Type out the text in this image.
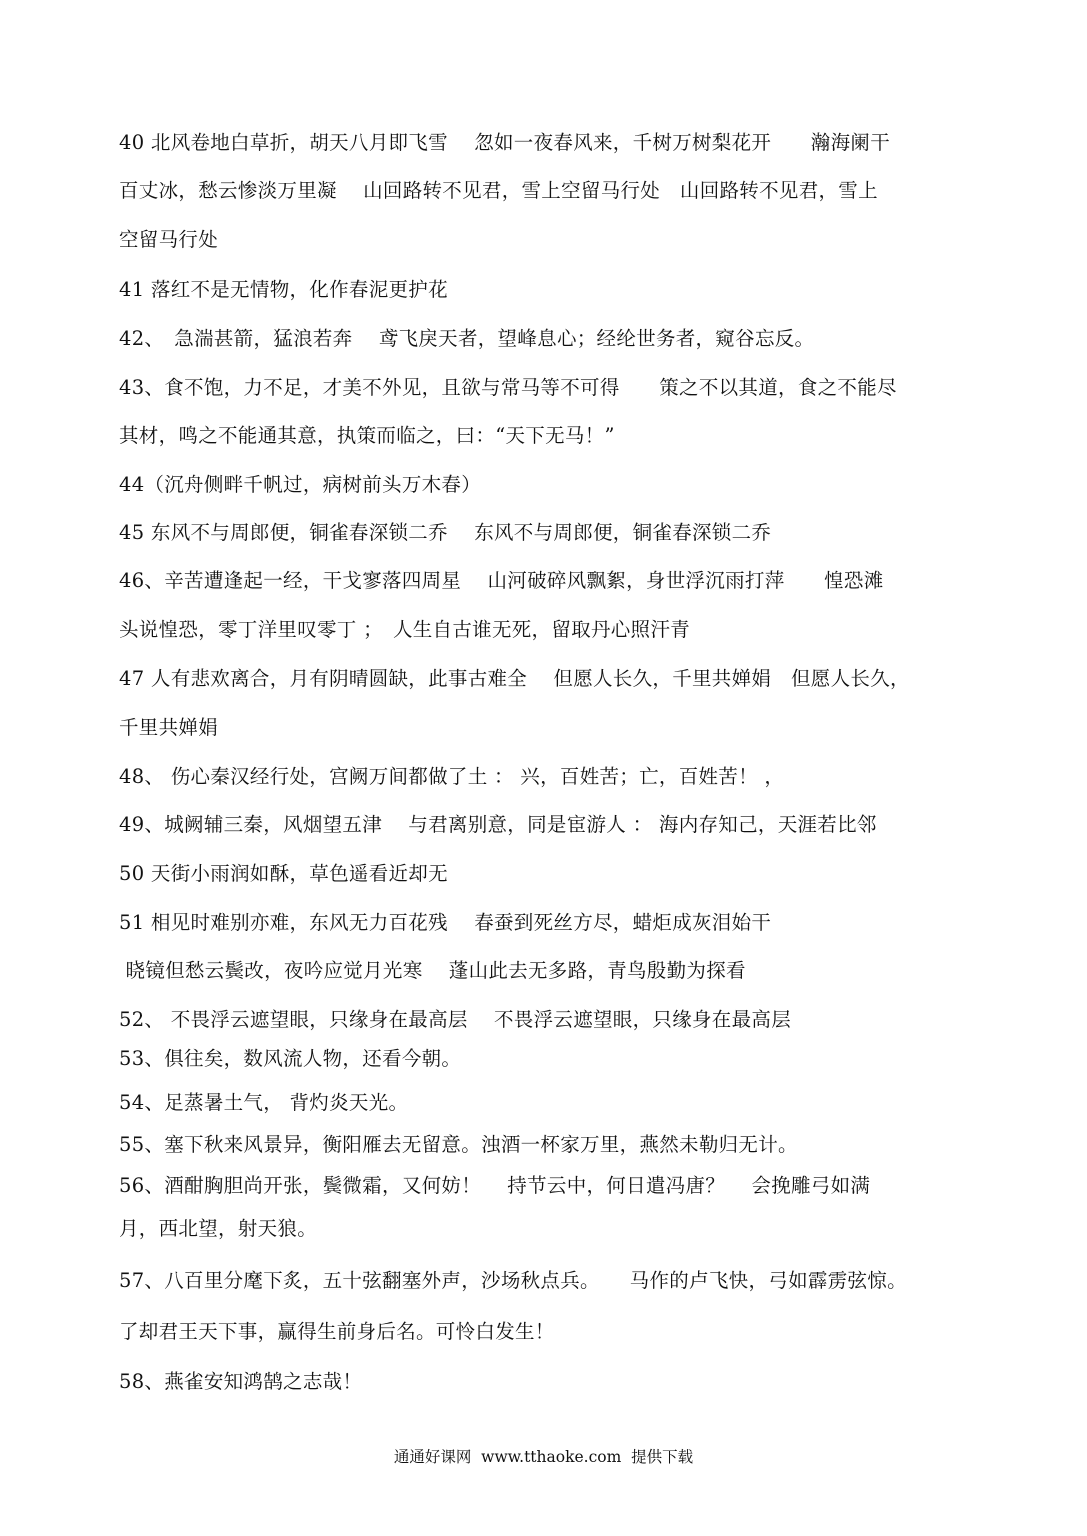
40 北风卷地白草折，胡天八月即飞雪　 忽如一夜春风来，千树万树梨花开　　瀚海阑干
百丈冰，愁云惨淡万里凝　 山回路转不见君，雪上空留马行处　山回路转不见君，雪上
空留马行处
41 落红不是无情物，化作春泥更护花
42、　急湍甚箭，猛浪若奔　 鸢飞戾天者，望峰息心；经纶世务者，窥谷忘反。
43、食不饱，力不足，才美不外见，且欲与常马等不可得　　策之不以其道，食之不能尽
其材，鸣之不能通其意，执策而临之，曰：“天下无马！”
44（沉舟侧畔千帆过，病树前头万木春）
45 东风不与周郎便，铜雀春深锁二乔　 东风不与周郎便，铜雀春深锁二乔
46、辛苦遭逢起一经，干戈寥落四周星　 山河破碎风飘絮，身世浮沉雨打萍　　惶恐滩
头说惶恐，零丁洋里叹零丁 ；　人生自古谁无死，留取丹心照汗青
47 人有悲欢离合，月有阴晴圆缺，此事古难全　 但愿人长久，千里共婵娟　但愿人长久，
千里共婵娟
48、 伤心秦汉经行处，宫阙万间都做了土 ： 兴，百姓苦；亡，百姓苦！ ，
49、城阙辅三秦，风烟望五津　 与君离别意，同是宦游人 ： 海内存知己，天涯若比邻
50 天街小雨润如酥，草色遥看近却无
51 相见时难别亦难，东风无力百花残　 春蚕到死丝方尽，蜡炬成灰泪始干
晓镜但愁云鬓改，夜吟应觉月光寒　 蓬山此去无多路，青鸟殷勤为探看
52、 不畏浮云遮望眼，只缘身在最高层　 不畏浮云遮望眼，只缘身在最高层
53、俱往矣，数风流人物，还看今朝。
54、足蒸暑土气， 背灼炎天光。
55、塞下秋来风景异，衡阳雁去无留意。浊酒一杯家万里，燕然未勒归无计。
56、酒酣胸胆尚开张，鬓微霜，又何妨！　 持节云中，何日遣冯唐？　 会挽雕弓如满
月，西北望，射天狼。
57、八百里分麾下炙，五十弦翻塞外声，沙场秋点兵。　　马作的卢飞快，弓如霹雳弦惊。
了却君王天下事，赢得生前身后名。可怜白发生！
58、燕雀安知鸿鹄之志哉！
通通好课网  www.tthaoke.com  提供下载
